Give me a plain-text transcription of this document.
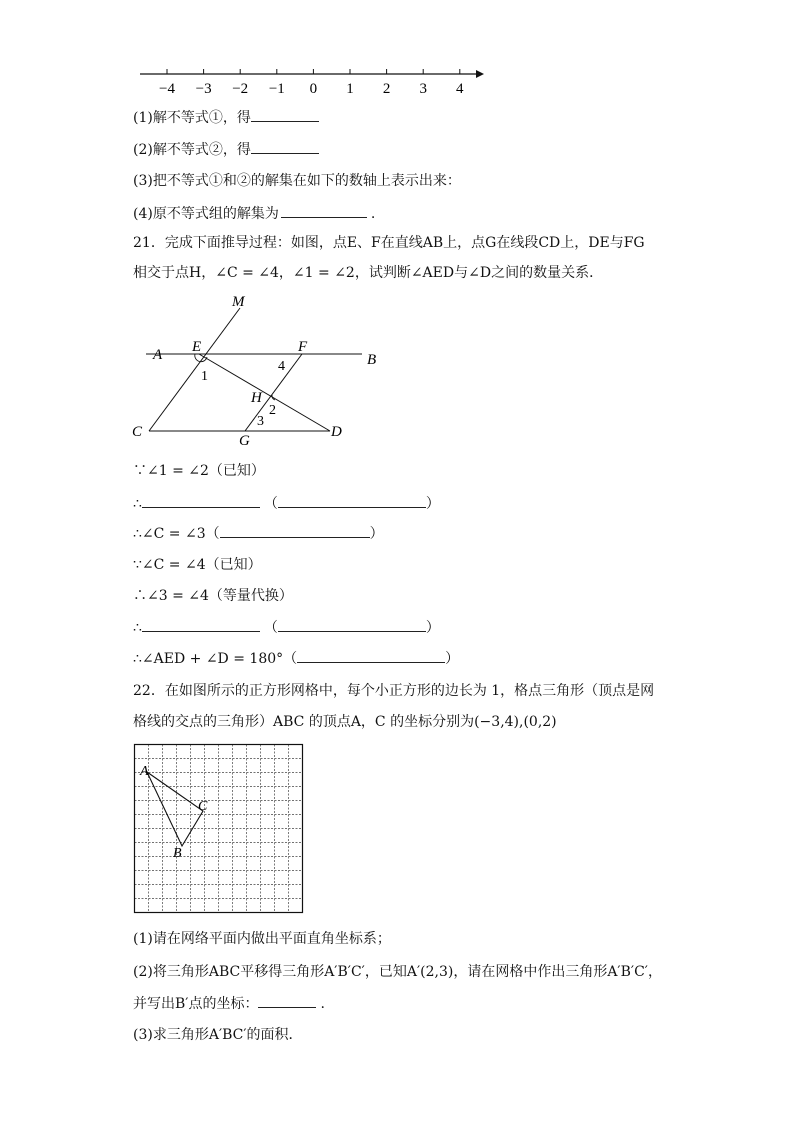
−4 −3 −2 −1 0 1 2 3 4
(1)解不等式①，得
(2)解不等式②，得
(3)把不等式①和②的解集在如下的数轴上表示出来：
(4)原不等式组的解集为	.
21．完成下面推导过程：如图，点E、F在直线AB上，点G在线段CD上，DE与FG
相交于点H，∠C = ∠4，∠1 = ∠2，试判断∠AED与∠D之间的数量关系．
M
A E	F
B
1
4
H
2
3
C
G
D
∵∠1 = ∠2（已知）
∴	（	）
∴∠C = ∠3（	）
∵∠C = ∠4（已知）
∴∠3 = ∠4（等量代换）
∴	（	）
∴∠AED + ∠D = 180°（	）
22．在如图所示的正方形网格中，每个小正方形的边长为 1，格点三角形（顶点是网
格线的交点的三角形）ABC 的顶点A，C 的坐标分别为(−3,4),(0,2)
A
C
B
(1)请在网络平面内做出平面直角坐标系；
(2)将三角形ABC平移得三角形A′B′C′，已知A′(2,3)，请在网格中作出三角形A′B′C′，
并写出B′点的坐标：	.
(3)求三角形A′BC′的面积．
